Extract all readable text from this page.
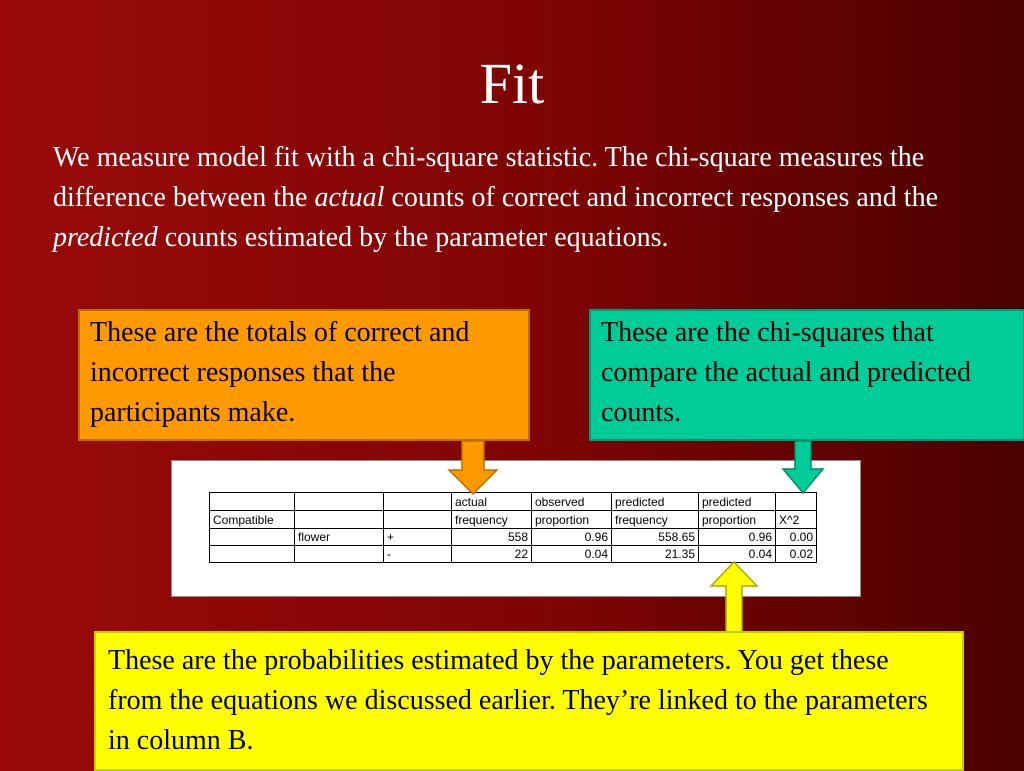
Fit
We measure model fit with a chi-square statistic. The chi-square measures the difference between the actual counts of correct and incorrect responses and the predicted counts estimated by the parameter equations.
These are the totals of correct and incorrect responses that the participants make.
These are the chi-squares that compare the actual and predicted counts.
			actual	observed	predicted	predicted	
Compatible			frequency	proportion	frequency	proportion	X^2
	flower	+	558	0.96	558.65	0.96	0.00
		-	22	0.04	21.35	0.04	0.02
These are the probabilities estimated by the parameters. You get these from the equations we discussed earlier. They’re linked to the parameters in column B.
